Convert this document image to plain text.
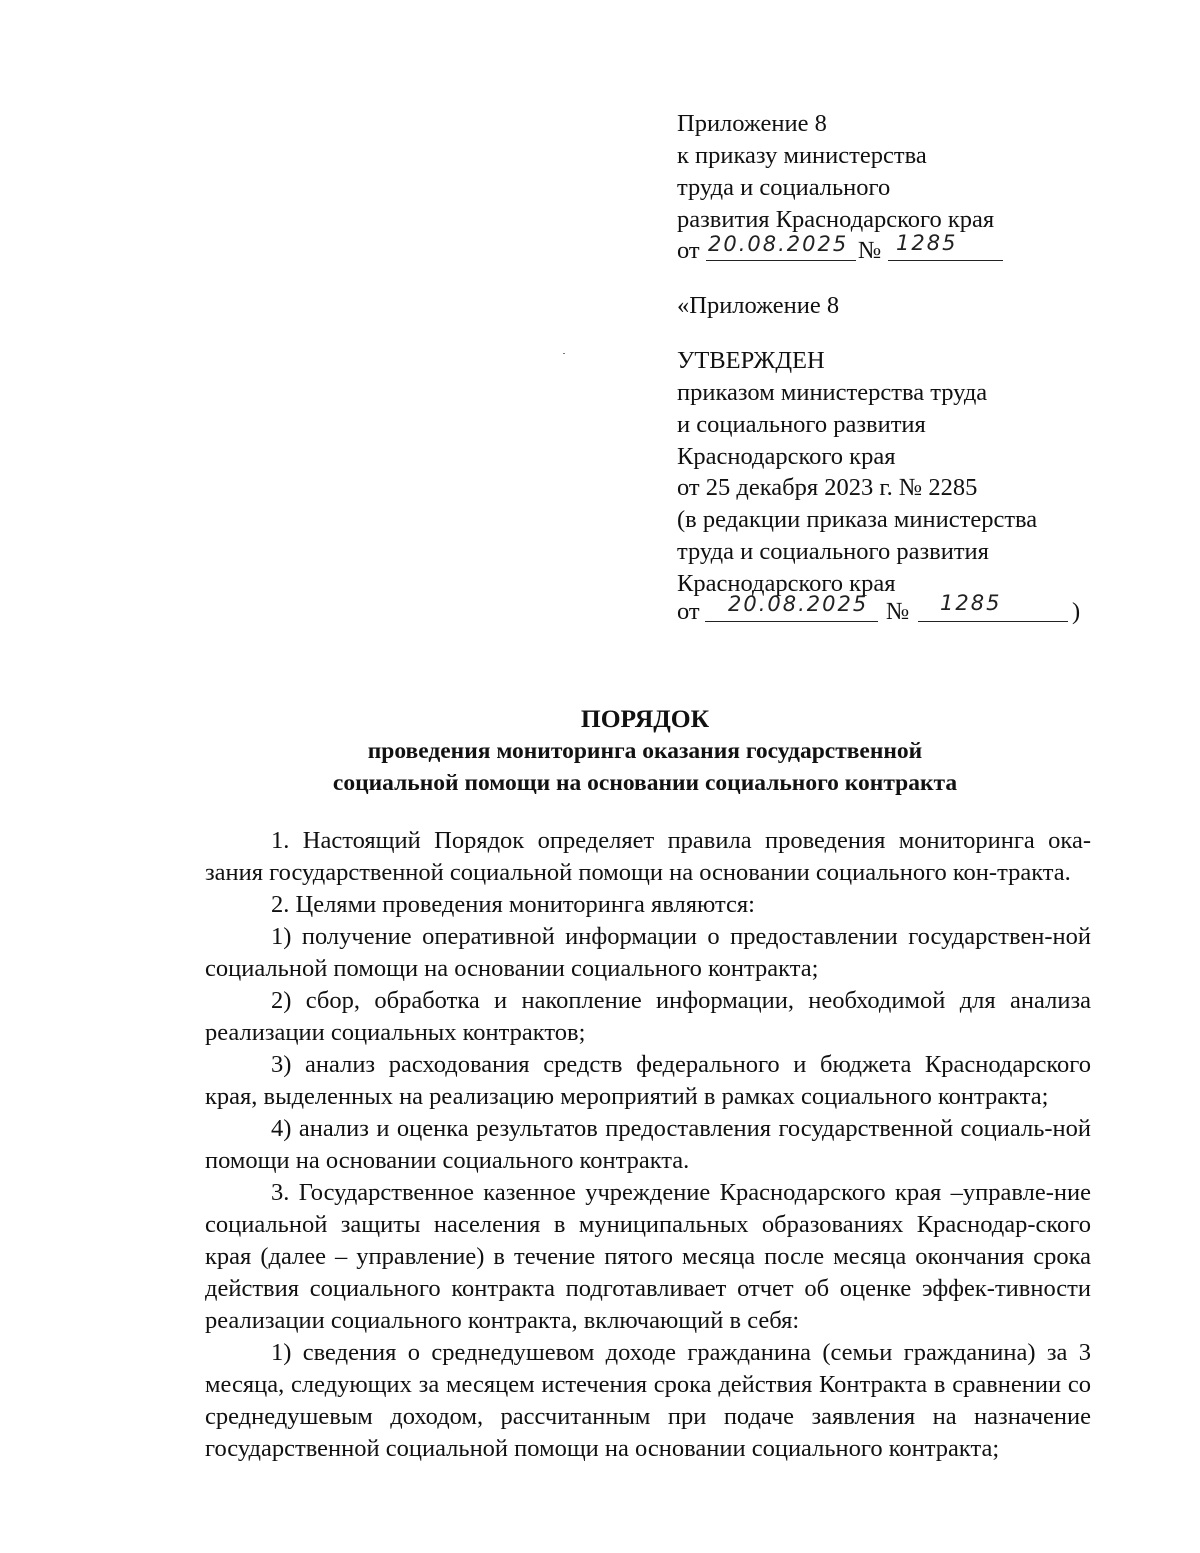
Приложение 8
к приказу министерства
труда и социального
развития Краснодарского края
от 20.08.2025 № 1285
«Приложение 8
УТВЕРЖДЕН
приказом министерства труда
и социального развития
Краснодарского края
от 25 декабря 2023 г. № 2285
(в редакции приказа министерства
труда и социального развития
Краснодарского края
от 20.08.2025 № 1285	)
ПОРЯДОК
проведения мониторинга оказания государственной
социальной помощи на основании социального контракта

1. Настоящий Порядок определяет правила проведения мониторинга ока-зания государственной социальной помощи на основании социального кон-тракта.

2. Целями проведения мониторинга являются:

1) получение оперативной информации о предоставлении государствен-ной социальной помощи на основании социального контракта;

2) сбор, обработка и накопление информации, необходимой для анализа реализации социальных контрактов;

3) анализ расходования средств федерального и бюджета Краснодарского края, выделенных на реализацию мероприятий в рамках социального контракта;

4) анализ и оценка результатов предоставления государственной социаль-ной помощи на основании социального контракта.

3. Государственное казенное учреждение Краснодарского края –управле-ние социальной защиты населения в муниципальных образованиях Краснодар-ского края (далее – управление) в течение пятого месяца после месяца окончания срока действия социального контракта подготавливает отчет об оценке эффек-тивности реализации социального контракта, включающий в себя:

1) сведения о среднедушевом доходе гражданина (семьи гражданина) за 3 месяца, следующих за месяцем истечения срока действия Контракта в сравнении со среднедушевым доходом, рассчитанным при подаче заявления на назначение государственной социальной помощи на основании социального контракта;
